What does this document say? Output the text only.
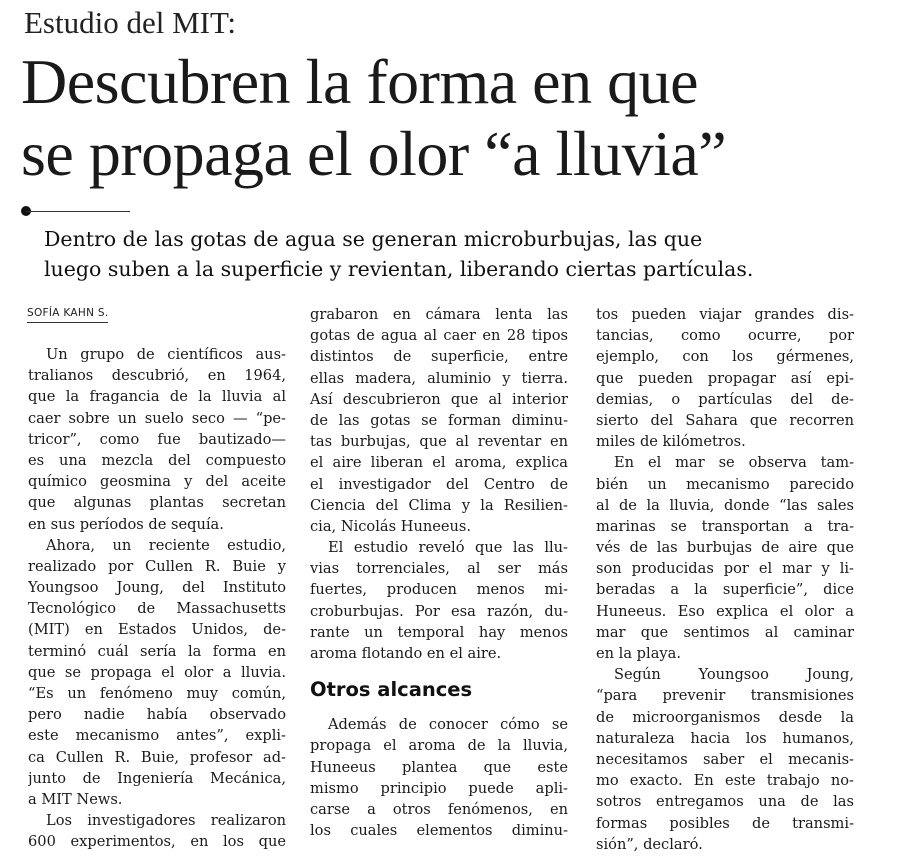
Estudio del MIT:
Descubren la forma en que
se propaga el olor “a lluvia”
Dentro de las gotas de agua se generan microburbujas, las que
luego suben a la superficie y revientan, liberando ciertas partículas.
SOFÍA KAHN S.
Un grupo de científicos aus-
tralianos descubrió, en 1964,
que la fragancia de la lluvia al
caer sobre un suelo seco — “pe-
tricor”, como fue bautizado—
es una mezcla del compuesto
químico geosmina y del aceite
que algunas plantas secretan
en sus períodos de sequía.
Ahora, un reciente estudio,
realizado por Cullen R. Buie y
Youngsoo Joung, del Instituto
Tecnológico de Massachusetts
(MIT) en Estados Unidos, de-
terminó cuál sería la forma en
que se propaga el olor a lluvia.
“Es un fenómeno muy común,
pero nadie había observado
este mecanismo antes”, expli-
ca Cullen R. Buie, profesor ad-
junto de Ingeniería Mecánica,
a MIT News.
Los investigadores realizaron
600 experimentos, en los que
grabaron en cámara lenta las
gotas de agua al caer en 28 tipos
distintos de superficie, entre
ellas madera, aluminio y tierra.
Así descubrieron que al interior
de las gotas se forman diminu-
tas burbujas, que al reventar en
el aire liberan el aroma, explica
el investigador del Centro de
Ciencia del Clima y la Resilien-
cia, Nicolás Huneeus.
El estudio reveló que las llu-
vias torrenciales, al ser más
fuertes, producen menos mi-
croburbujas. Por esa razón, du-
rante un temporal hay menos
aroma flotando en el aire.
Otros alcances
Además de conocer cómo se
propaga el aroma de la lluvia,
Huneeus plantea que este
mismo principio puede apli-
carse a otros fenómenos, en
los cuales elementos diminu-
tos pueden viajar grandes dis-
tancias, como ocurre, por
ejemplo, con los gérmenes,
que pueden propagar así epi-
demias, o partículas del de-
sierto del Sahara que recorren
miles de kilómetros.
En el mar se observa tam-
bién un mecanismo parecido
al de la lluvia, donde “las sales
marinas se transportan a tra-
vés de las burbujas de aire que
son producidas por el mar y li-
beradas a la superficie”, dice
Huneeus. Eso explica el olor a
mar que sentimos al caminar
en la playa.
Según Youngsoo Joung,
“para prevenir transmisiones
de microorganismos desde la
naturaleza hacia los humanos,
necesitamos saber el mecanis-
mo exacto. En este trabajo no-
sotros entregamos una de las
formas posibles de transmi-
sión”, declaró.
